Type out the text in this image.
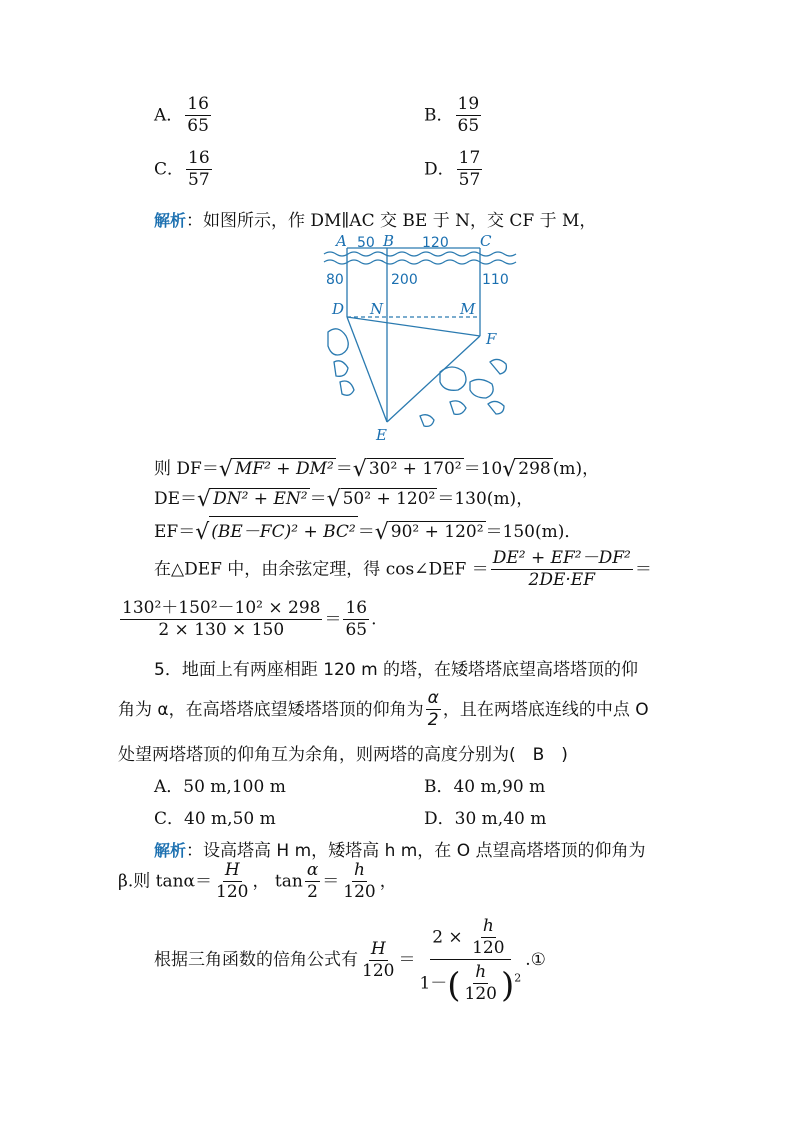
A． $\frac{16}{65}$	B． $\frac{19}{65}$
C． $\frac{16}{57}$	D． $\frac{17}{57}$
解析：如图所示，作 DM∥AC 交 BE 于 N，交 CF 于 M，
A B	C
D N	M
F
E
50	120
80	200	110
则 DF＝√ MF² + DM² ＝√ 30² + 170² ＝10√ 298 (m)，
DE＝√ DN² + EN² ＝√ 50² + 120² ＝130(m)，
EF＝√ (BE－FC)² + BC² ＝√ 90² + 120² ＝150(m)．
在△DEF 中，由余弦定理，得 cos∠DEF ＝ $\frac{\text{DE² + EF²－DF²}}{2DE\cdot EF}$ ＝
$\frac{\text{130²＋150²－10² × 298}}{2 \times 130 \times 150} = \frac{16}{65}$ .
5．地面上有两座相距 120 m 的塔，在矮塔塔底望高塔塔顶的仰
角为 α，在高塔塔底望矮塔塔顶的仰角为 $\frac{\alpha}{2}$ ，且在两塔底连线的中点 O
处望两塔塔顶的仰角互为余角，则两塔的高度分别为(　B　)
A．50 m,100 m	B．40 m,90 m
C．40 m,50 m	D．30 m,40 m
解析：设高塔高 H m，矮塔高 h m，在 O 点望高塔塔顶的仰角为
β.则 $\tan\alpha= \frac{H}{120}$ ， $\tan \frac{\alpha}{2} = \frac{h}{120}$ ，
根据三角函数的倍角公式有 $\frac{H}{120} = \frac{2 \times \frac{h}{120}}{1-( \frac{h}{120} )^2}$ .①
